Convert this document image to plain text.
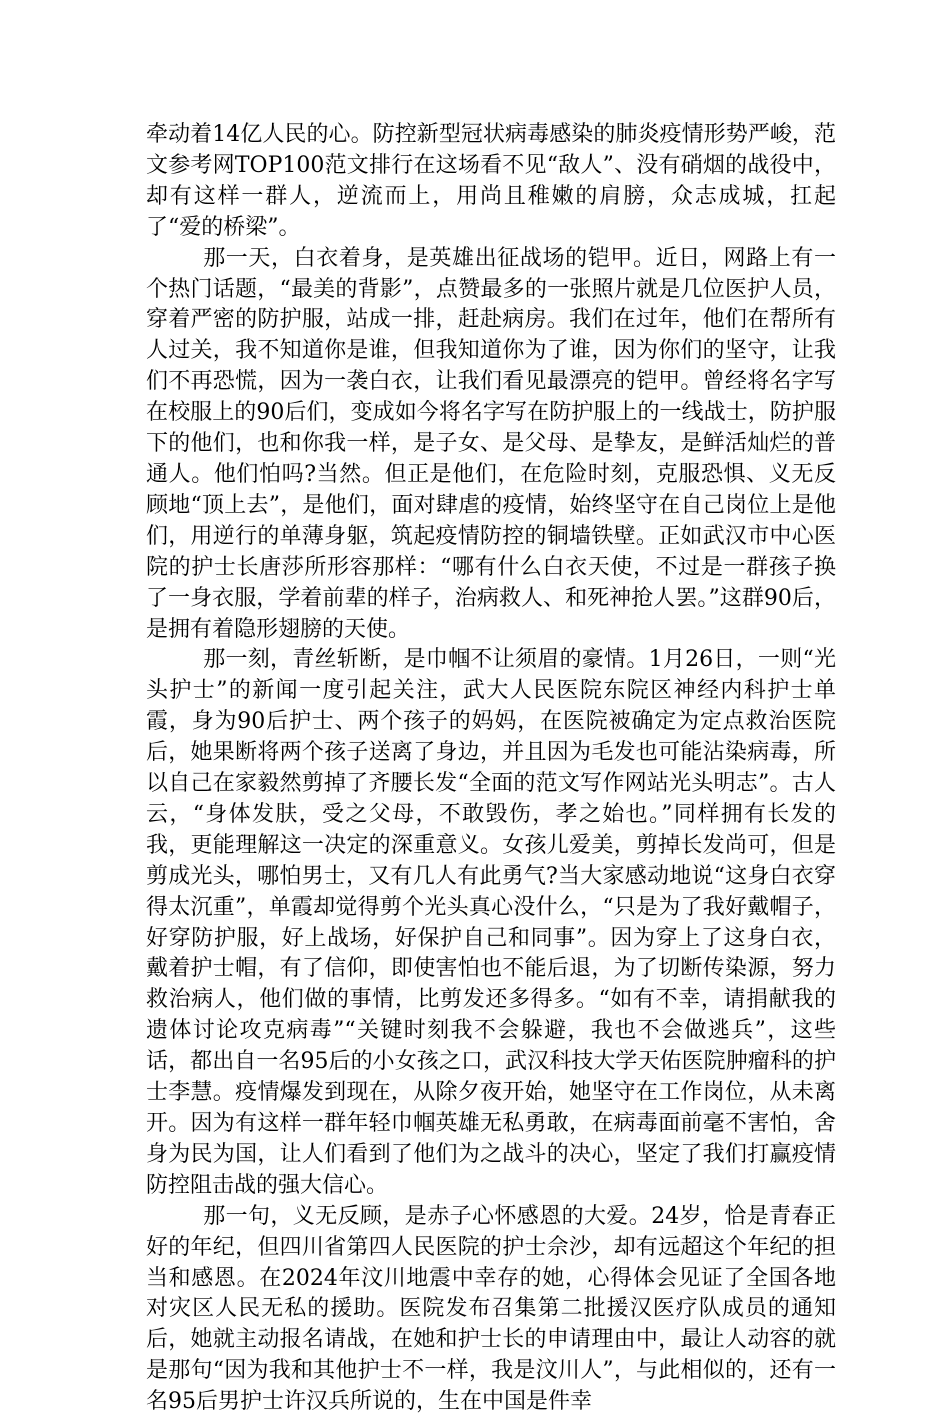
牵动着14亿人民的心。防控新型冠状病毒感染的肺炎疫情形势严峻，范文参考网TOP100范文排行在这场看不见“敌人”、没有硝烟的战役中，却有这样一群人，逆流而上，用尚且稚嫩的肩膀，众志成城，扛起了“爱的桥梁”。

那一天，白衣着身，是英雄出征战场的铠甲。近日，网路上有一个热门话题，“最美的背影”，点赞最多的一张照片就是几位医护人员，穿着严密的防护服，站成一排，赶赴病房。我们在过年，他们在帮所有人过关，我不知道你是谁，但我知道你为了谁，因为你们的坚守，让我们不再恐慌，因为一袭白衣，让我们看见最漂亮的铠甲。曾经将名字写在校服上的90后们，变成如今将名字写在防护服上的一线战士，防护服下的他们，也和你我一样，是子女、是父母、是挚友，是鲜活灿烂的普通人。他们怕吗?当然。但正是他们，在危险时刻，克服恐惧、义无反顾地“顶上去”，是他们，面对肆虐的疫情，始终坚守在自己岗位上是他们，用逆行的单薄身躯，筑起疫情防控的铜墙铁壁。正如武汉市中心医院的护士长唐莎所形容那样：“哪有什么白衣天使，不过是一群孩子换了一身衣服，学着前辈的样子，治病救人、和死神抢人罢。”这群90后，是拥有着隐形翅膀的天使。

那一刻，青丝斩断，是巾帼不让须眉的豪情。1月26日，一则“光头护士”的新闻一度引起关注，武大人民医院东院区神经内科护士单霞，身为90后护士、两个孩子的妈妈，在医院被确定为定点救治医院后，她果断将两个孩子送离了身边，并且因为毛发也可能沾染病毒，所以自己在家毅然剪掉了齐腰长发“全面的范文写作网站光头明志”。古人云，“身体发肤，受之父母，不敢毁伤，孝之始也。”同样拥有长发的我，更能理解这一决定的深重意义。女孩儿爱美，剪掉长发尚可，但是剪成光头，哪怕男士，又有几人有此勇气?当大家感动地说“这身白衣穿得太沉重”，单霞却觉得剪个光头真心没什么，“只是为了我好戴帽子，好穿防护服，好上战场，好保护自己和同事”。因为穿上了这身白衣，戴着护士帽，有了信仰，即使害怕也不能后退，为了切断传染源，努力救治病人，他们做的事情，比剪发还多得多。“如有不幸，请捐献我的遗体讨论攻克病毒”“关键时刻我不会躲避，我也不会做逃兵”，这些话，都出自一名95后的小女孩之口，武汉科技大学天佑医院肿瘤科的护士李慧。疫情爆发到现在，从除夕夜开始，她坚守在工作岗位，从未离开。因为有这样一群年轻巾帼英雄无私勇敢，在病毒面前毫不害怕，舍身为民为国，让人们看到了他们为之战斗的决心，坚定了我们打赢疫情防控阻击战的强大信心。

那一句，义无反顾，是赤子心怀感恩的大爱。24岁，恰是青春正好的年纪，但四川省第四人民医院的护士佘沙，却有远超这个年纪的担当和感恩。在2024年汶川地震中幸存的她，心得体会见证了全国各地对灾区人民无私的援助。医院发布召集第二批援汉医疗队成员的通知后，她就主动报名请战，在她和护士长的申请理由中，最让人动容的就是那句“因为我和其他护士不一样，我是汶川人”，与此相似的，还有一名95后男护士许汉兵所说的，生在中国是件幸
